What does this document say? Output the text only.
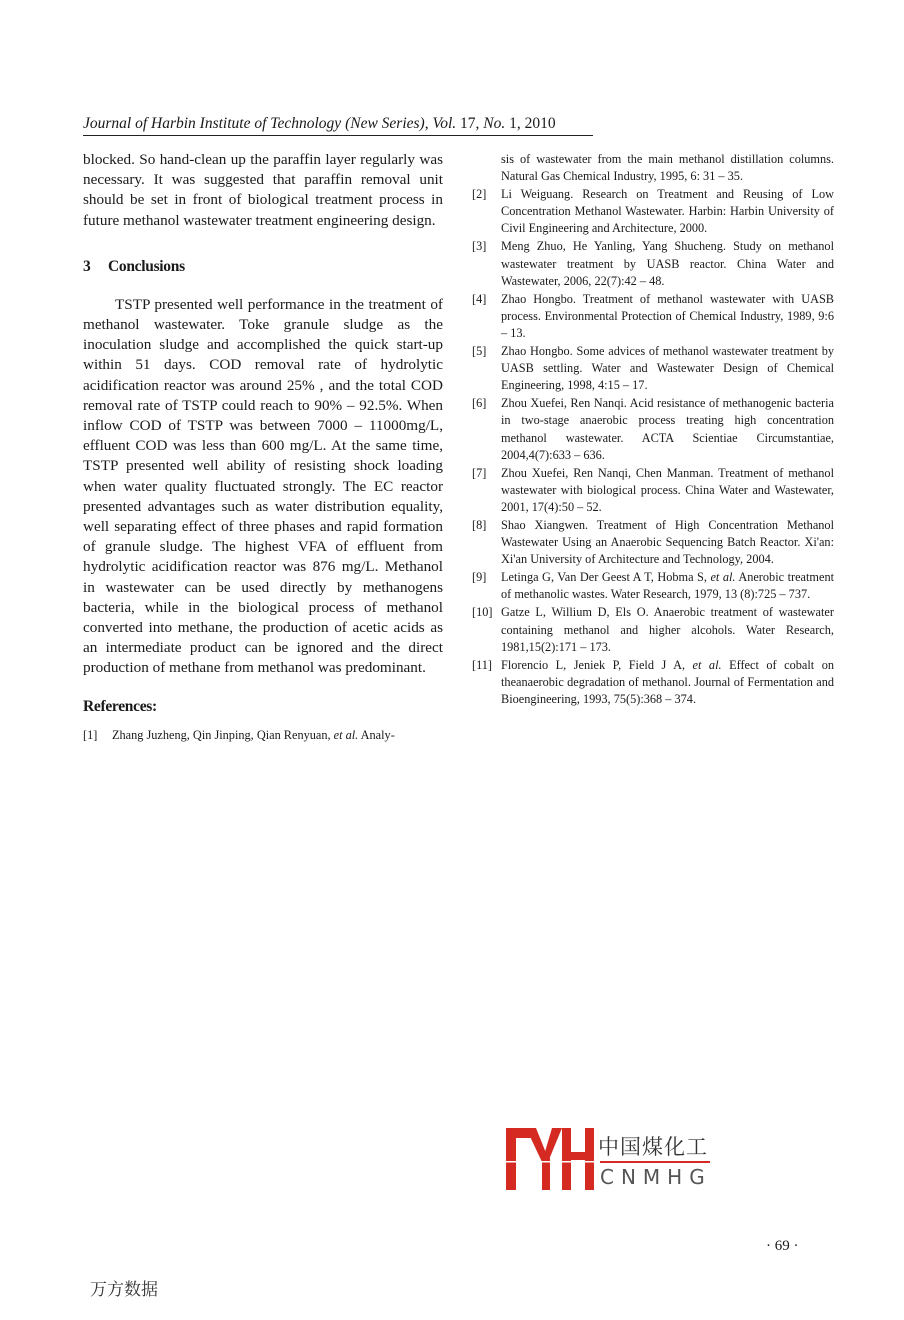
Journal of Harbin Institute of Technology (New Series), Vol. 17, No. 1, 2010

blocked. So hand-clean up the paraffin layer regularly was necessary. It was suggested that paraffin removal unit should be set in front of biological treatment process in future methanol wastewater treatment engineering design.

3 Conclusions

TSTP presented well performance in the treatment of methanol wastewater. Toke granule sludge as the inoculation sludge and accomplished the quick start-up within 51 days. COD removal rate of hydrolytic acidification reactor was around 25% , and the total COD removal rate of TSTP could reach to 90% – 92.5%. When inflow COD of TSTP was between 7000 – 11000mg/L, effluent COD was less than 600 mg/L. At the same time, TSTP presented well ability of resisting shock loading when water quality fluctuated strongly. The EC reactor presented advantages such as water distribution equality, well separating effect of three phases and rapid formation of granule sludge. The highest VFA of effluent from hydrolytic acidification reactor was 876 mg/L. Methanol in wastewater can be used directly by methanogens bacteria, while in the biological process of methanol converted into methane, the production of acetic acids as an intermediate product can be ignored and the direct production of methane from methanol was predominant.

References:
[1] Zhang Juzheng, Qin Jinping, Qian Renyuan, et al. Analy-

sis of wastewater from the main methanol distillation columns. Natural Gas Chemical Industry, 1995, 6: 31 – 35.

[2] Li Weiguang. Research on Treatment and Reusing of Low Concentration Methanol Wastewater. Harbin: Harbin University of Civil Engineering and Architecture, 2000.
[3] Meng Zhuo, He Yanling, Yang Shucheng. Study on methanol wastewater treatment by UASB reactor. China Water and Wastewater, 2006, 22(7):42 – 48.
[4] Zhao Hongbo. Treatment of methanol wastewater with UASB process. Environmental Protection of Chemical Industry, 1989, 9:6 – 13.
[5] Zhao Hongbo. Some advices of methanol wastewater treatment by UASB settling. Water and Wastewater Design of Chemical Engineering, 1998, 4:15 – 17.
[6] Zhou Xuefei, Ren Nanqi. Acid resistance of methanogenic bacteria in two-stage anaerobic process treating high concentration methanol wastewater. ACTA Scientiae Circumstantiae, 2004,4(7):633 – 636.
[7] Zhou Xuefei, Ren Nanqi, Chen Manman. Treatment of methanol wastewater with biological process. China Water and Wastewater, 2001, 17(4):50 – 52.
[8] Shao Xiangwen. Treatment of High Concentration Methanol Wastewater Using an Anaerobic Sequencing Batch Reactor. Xi'an: Xi'an University of Architecture and Technology, 2004.
[9] Letinga G, Van Der Geest A T, Hobma S, et al. Anerobic treatment of methanolic wastes. Water Research, 1979, 13 (8):725 – 737.
[10] Gatze L, Willium D, Els O. Anaerobic treatment of wastewater containing methanol and higher alcohols. Water Research, 1981,15(2):171 – 173.
[11] Florencio L, Jeniek P, Field J A, et al. Effect of cobalt on theanaerobic degradation of methanol. Journal of Fermentation and Bioengineering, 1993, 75(5):368 – 374.
中国煤化工
CNMHG
· 69 ·
万方数据
